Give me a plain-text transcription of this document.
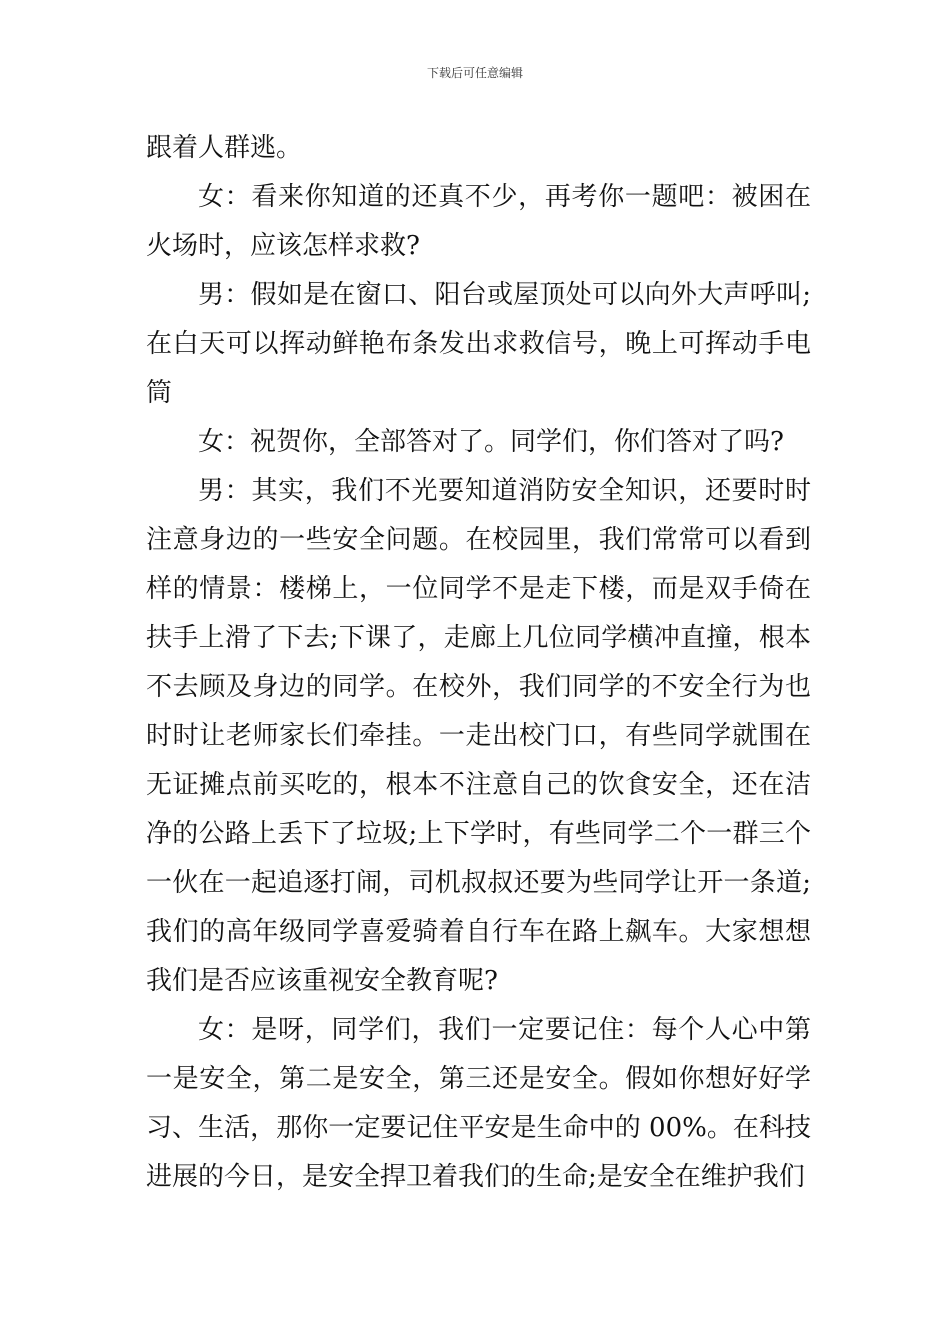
下载后可任意编辑

跟着人群逃。

女：看来你知道的还真不少，再考你一题吧：被困在火场时，应该怎样求救?

男：假如是在窗口、阳台或屋顶处可以向外大声呼叫;在白天可以挥动鲜艳布条发出求救信号，晚上可挥动手电筒

女：祝贺你，全部答对了。同学们，你们答对了吗?

男：其实，我们不光要知道消防安全知识，还要时时注意身边的一些安全问题。在校园里，我们常常可以看到样的情景：楼梯上，一位同学不是走下楼，而是双手倚在扶手上滑了下去;下课了，走廊上几位同学横冲直撞，根本不去顾及身边的同学。在校外，我们同学的不安全行为也时时让老师家长们牵挂。一走出校门口，有些同学就围在无证摊点前买吃的，根本不注意自己的饮食安全，还在洁净的公路上丢下了垃圾;上下学时，有些同学二个一群三个一伙在一起追逐打闹，司机叔叔还要为些同学让开一条道;我们的高年级同学喜爱骑着自行车在路上飙车。大家想想我们是否应该重视安全教育呢?

女：是呀，同学们，我们一定要记住：每个人心中第一是安全，第二是安全，第三还是安全。假如你想好好学习、生活，那你一定要记住平安是生命中的 00%。在科技进展的今日，是安全捍卫着我们的生命;是安全在维护我们
